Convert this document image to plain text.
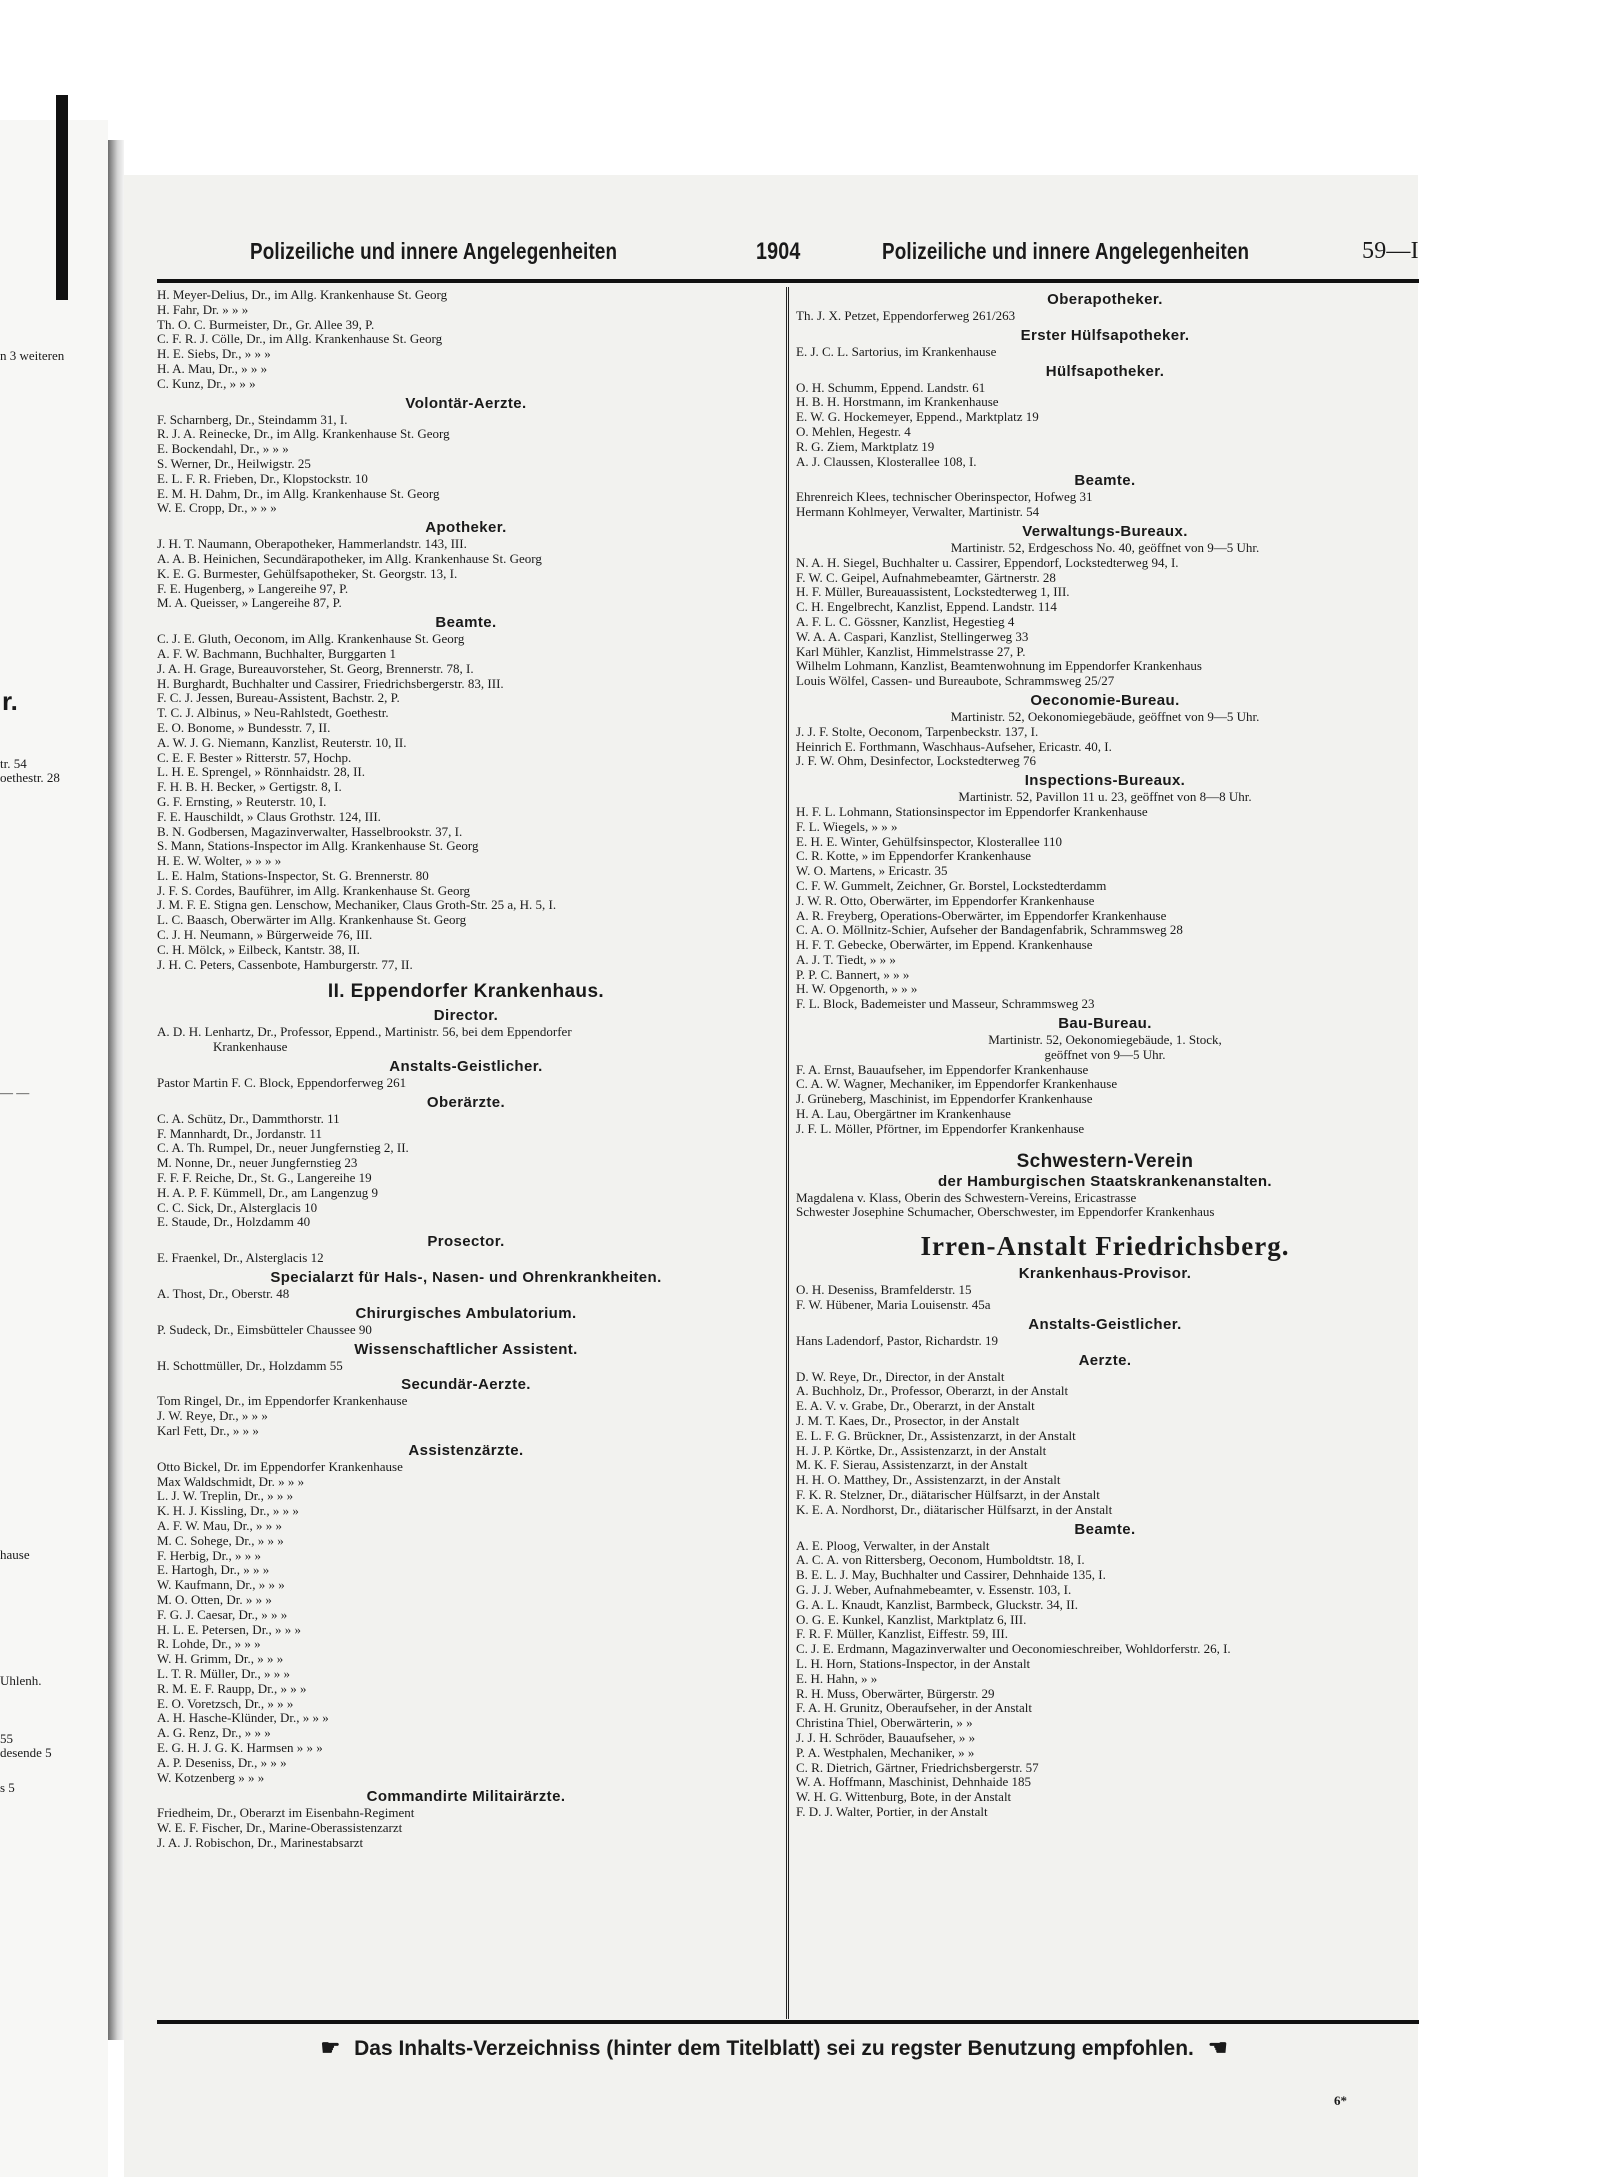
n 3 weiteren
r.
tr. 54
oethestr. 28
— —
hause
Uhlenh.
55
desende 5
s 5
Polizeiliche und innere Angelegenheiten	1904	Polizeiliche und innere Angelegenheiten	59—I
H. Meyer-Delius, Dr., im Allg. Krankenhause St. Georg
H. Fahr, Dr. » » »
Th. O. C. Burmeister, Dr., Gr. Allee 39, P.
C. F. R. J. Cölle, Dr., im Allg. Krankenhause St. Georg
H. E. Siebs, Dr., » » »
H. A. Mau, Dr., » » »
C. Kunz, Dr., » » »
Volontär-Aerzte.
F. Scharnberg, Dr., Steindamm 31, I.
R. J. A. Reinecke, Dr., im Allg. Krankenhause St. Georg
E. Bockendahl, Dr., » » »
S. Werner, Dr., Heilwigstr. 25
E. L. F. R. Frieben, Dr., Klopstockstr. 10
E. M. H. Dahm, Dr., im Allg. Krankenhause St. Georg
W. E. Cropp, Dr., » » »
Apotheker.
J. H. T. Naumann, Oberapotheker, Hammerlandstr. 143, III.
A. A. B. Heinichen, Secundärapotheker, im Allg. Krankenhause St. Georg
K. E. G. Burmester, Gehülfsapotheker, St. Georgstr. 13, I.
F. E. Hugenberg, » Langereihe 97, P.
M. A. Queisser, » Langereihe 87, P.
Beamte.
C. J. E. Gluth, Oeconom, im Allg. Krankenhause St. Georg
A. F. W. Bachmann, Buchhalter, Burggarten 1
J. A. H. Grage, Bureauvorsteher, St. Georg, Brennerstr. 78, I.
H. Burghardt, Buchhalter und Cassirer, Friedrichsbergerstr. 83, III.
F. C. J. Jessen, Bureau-Assistent, Bachstr. 2, P.
T. C. J. Albinus, » Neu-Rahlstedt, Goethestr.
E. O. Bonome, » Bundesstr. 7, II.
A. W. J. G. Niemann, Kanzlist, Reuterstr. 10, II.
C. E. F. Bester » Ritterstr. 57, Hochp.
L. H. E. Sprengel, » Rönnhaidstr. 28, II.
F. H. B. H. Becker, » Gertigstr. 8, I.
G. F. Ernsting, » Reuterstr. 10, I.
F. E. Hauschildt, » Claus Grothstr. 124, III.
B. N. Godbersen, Magazinverwalter, Hasselbrookstr. 37, I.
S. Mann, Stations-Inspector im Allg. Krankenhause St. Georg
H. E. W. Wolter, » » » »
L. E. Halm, Stations-Inspector, St. G. Brennerstr. 80
J. F. S. Cordes, Bauführer, im Allg. Krankenhause St. Georg
J. M. F. E. Stigna gen. Lenschow, Mechaniker, Claus Groth-Str. 25 a, H. 5, I.
L. C. Baasch, Oberwärter im Allg. Krankenhause St. Georg
C. J. H. Neumann, » Bürgerweide 76, III.
C. H. Mölck, » Eilbeck, Kantstr. 38, II.
J. H. C. Peters, Cassenbote, Hamburgerstr. 77, II.
II. Eppendorfer Krankenhaus.
Director.
A. D. H. Lenhartz, Dr., Professor, Eppend., Martinistr. 56, bei dem Eppendorfer
Krankenhause
Anstalts-Geistlicher.
Pastor Martin F. C. Block, Eppendorferweg 261
Oberärzte.
C. A. Schütz, Dr., Dammthorstr. 11
F. Mannhardt, Dr., Jordanstr. 11
C. A. Th. Rumpel, Dr., neuer Jungfernstieg 2, II.
M. Nonne, Dr., neuer Jungfernstieg 23
F. F. F. Reiche, Dr., St. G., Langereihe 19
H. A. P. F. Kümmell, Dr., am Langenzug 9
C. C. Sick, Dr., Alsterglacis 10
E. Staude, Dr., Holzdamm 40
Prosector.
E. Fraenkel, Dr., Alsterglacis 12
Specialarzt für Hals-, Nasen- und Ohrenkrankheiten.
A. Thost, Dr., Oberstr. 48
Chirurgisches Ambulatorium.
P. Sudeck, Dr., Eimsbütteler Chaussee 90
Wissenschaftlicher Assistent.
H. Schottmüller, Dr., Holzdamm 55
Secundär-Aerzte.
Tom Ringel, Dr., im Eppendorfer Krankenhause
J. W. Reye, Dr., » » »
Karl Fett, Dr., » » »
Assistenzärzte.
Otto Bickel, Dr. im Eppendorfer Krankenhause
Max Waldschmidt, Dr. » » »
L. J. W. Treplin, Dr., » » »
K. H. J. Kissling, Dr., » » »
A. F. W. Mau, Dr., » » »
M. C. Sohege, Dr., » » »
F. Herbig, Dr., » » »
E. Hartogh, Dr., » » »
W. Kaufmann, Dr., » » »
M. O. Otten, Dr. » » »
F. G. J. Caesar, Dr., » » »
H. L. E. Petersen, Dr., » » »
R. Lohde, Dr., » » »
W. H. Grimm, Dr., » » »
L. T. R. Müller, Dr., » » »
R. M. E. F. Raupp, Dr., » » »
E. O. Voretzsch, Dr., » » »
A. H. Hasche-Klünder, Dr., » » »
A. G. Renz, Dr., » » »
E. G. H. J. G. K. Harmsen » » »
A. P. Deseniss, Dr., » » »
W. Kotzenberg » » »
Commandirte Militairärzte.
Friedheim, Dr., Oberarzt im Eisenbahn-Regiment
W. E. F. Fischer, Dr., Marine-Oberassistenzarzt
J. A. J. Robischon, Dr., Marinestabsarzt
Oberapotheker.
Th. J. X. Petzet, Eppendorferweg 261/263
Erster Hülfsapotheker.
E. J. C. L. Sartorius, im Krankenhause
Hülfsapotheker.
O. H. Schumm, Eppend. Landstr. 61
H. B. H. Horstmann, im Krankenhause
E. W. G. Hockemeyer, Eppend., Marktplatz 19
O. Mehlen, Hegestr. 4
R. G. Ziem, Marktplatz 19
A. J. Claussen, Klosterallee 108, I.
Beamte.
Ehrenreich Klees, technischer Oberinspector, Hofweg 31
Hermann Kohlmeyer, Verwalter, Martinistr. 54
Verwaltungs-Bureaux.
Martinistr. 52, Erdgeschoss No. 40, geöffnet von 9—5 Uhr.
N. A. H. Siegel, Buchhalter u. Cassirer, Eppendorf, Lockstedterweg 94, I.
F. W. C. Geipel, Aufnahmebeamter, Gärtnerstr. 28
H. F. Müller, Bureauassistent, Lockstedterweg 1, III.
C. H. Engelbrecht, Kanzlist, Eppend. Landstr. 114
A. F. L. C. Gössner, Kanzlist, Hegestieg 4
W. A. A. Caspari, Kanzlist, Stellingerweg 33
Karl Mühler, Kanzlist, Himmelstrasse 27, P.
Wilhelm Lohmann, Kanzlist, Beamtenwohnung im Eppendorfer Krankenhaus
Louis Wölfel, Cassen- und Bureaubote, Schrammsweg 25/27
Oeconomie-Bureau.
Martinistr. 52, Oekonomiegebäude, geöffnet von 9—5 Uhr.
J. J. F. Stolte, Oeconom, Tarpenbeckstr. 137, I.
Heinrich E. Forthmann, Waschhaus-Aufseher, Ericastr. 40, I.
J. F. W. Ohm, Desinfector, Lockstedterweg 76
Inspections-Bureaux.
Martinistr. 52, Pavillon 11 u. 23, geöffnet von 8—8 Uhr.
H. F. L. Lohmann, Stationsinspector im Eppendorfer Krankenhause
F. L. Wiegels, » » »
E. H. E. Winter, Gehülfsinspector, Klosterallee 110
C. R. Kotte, » im Eppendorfer Krankenhause
W. O. Martens, » Ericastr. 35
C. F. W. Gummelt, Zeichner, Gr. Borstel, Lockstedterdamm
J. W. R. Otto, Oberwärter, im Eppendorfer Krankenhause
A. R. Freyberg, Operations-Oberwärter, im Eppendorfer Krankenhause
C. A. O. Möllnitz-Schier, Aufseher der Bandagenfabrik, Schrammsweg 28
H. F. T. Gebecke, Oberwärter, im Eppend. Krankenhause
A. J. T. Tiedt, » » »
P. P. C. Bannert, » » »
H. W. Opgenorth, » » »
F. L. Block, Bademeister und Masseur, Schrammsweg 23
Bau-Bureau.
Martinistr. 52, Oekonomiegebäude, 1. Stock,
geöffnet von 9—5 Uhr.
F. A. Ernst, Bauaufseher, im Eppendorfer Krankenhause
C. A. W. Wagner, Mechaniker, im Eppendorfer Krankenhause
J. Grüneberg, Maschinist, im Eppendorfer Krankenhause
H. A. Lau, Obergärtner im Krankenhause
J. F. L. Möller, Pförtner, im Eppendorfer Krankenhause
Schwestern-Verein
der Hamburgischen Staatskrankenanstalten.
Magdalena v. Klass, Oberin des Schwestern-Vereins, Ericastrasse
Schwester Josephine Schumacher, Oberschwester, im Eppendorfer Krankenhaus
Irren-Anstalt Friedrichsberg.
Krankenhaus-Provisor.
O. H. Deseniss, Bramfelderstr. 15
F. W. Hübener, Maria Louisenstr. 45a
Anstalts-Geistlicher.
Hans Ladendorf, Pastor, Richardstr. 19
Aerzte.
D. W. Reye, Dr., Director, in der Anstalt
A. Buchholz, Dr., Professor, Oberarzt, in der Anstalt
E. A. V. v. Grabe, Dr., Oberarzt, in der Anstalt
J. M. T. Kaes, Dr., Prosector, in der Anstalt
E. L. F. G. Brückner, Dr., Assistenzarzt, in der Anstalt
H. J. P. Körtke, Dr., Assistenzarzt, in der Anstalt
M. K. F. Sierau, Assistenzarzt, in der Anstalt
H. H. O. Matthey, Dr., Assistenzarzt, in der Anstalt
F. K. R. Stelzner, Dr., diätarischer Hülfsarzt, in der Anstalt
K. E. A. Nordhorst, Dr., diätarischer Hülfsarzt, in der Anstalt
Beamte.
A. E. Ploog, Verwalter, in der Anstalt
A. C. A. von Rittersberg, Oeconom, Humboldtstr. 18, I.
B. E. L. J. May, Buchhalter und Cassirer, Dehnhaide 135, I.
G. J. J. Weber, Aufnahmebeamter, v. Essenstr. 103, I.
G. A. L. Knaudt, Kanzlist, Barmbeck, Gluckstr. 34, II.
O. G. E. Kunkel, Kanzlist, Marktplatz 6, III.
F. R. F. Müller, Kanzlist, Eiffestr. 59, III.
C. J. E. Erdmann, Magazinverwalter und Oeconomieschreiber, Wohldorferstr. 26, I.
L. H. Horn, Stations-Inspector, in der Anstalt
E. H. Hahn, » »
R. H. Muss, Oberwärter, Bürgerstr. 29
F. A. H. Grunitz, Oberaufseher, in der Anstalt
Christina Thiel, Oberwärterin, » »
J. J. H. Schröder, Bauaufseher, » »
P. A. Westphalen, Mechaniker, » »
C. R. Dietrich, Gärtner, Friedrichsbergerstr. 57
W. A. Hoffmann, Maschinist, Dehnhaide 185
W. H. G. Wittenburg, Bote, in der Anstalt
F. D. J. Walter, Portier, in der Anstalt
☛ Das Inhalts-Verzeichniss (hinter dem Titelblatt) sei zu regster Benutzung empfohlen. ☛
6*
